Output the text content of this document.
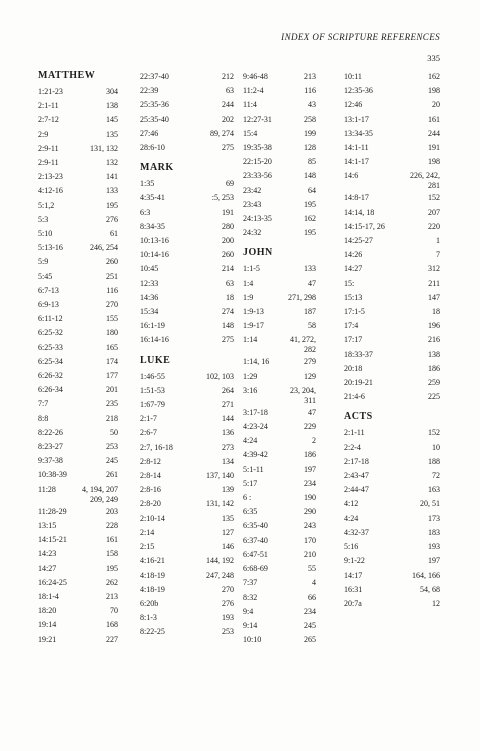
INDEX OF SCRIPTURE REFERENCES
335
MATTHEW
1:21-23	304
2:1-11	138
2:7-12	145
2:9	135
2:9-11	131, 132
2:9-11	132
2:13-23	141
4:12-16	133
5:1,2	195
5:3	276
5:10	61
5:13-16	246, 254
5:9	260
5:45	251
6:7-13	116
6:9-13	270
6:11-12	155
6:25-32	180
6:25-33	165
6:25-34	174
6:26-32	177
6:26-34	201
7:7	235
8:8	218
8:22-26	50
8:23-27	253
9:37-38	245
10:38-39	261
11:28	4, 194, 207
209, 249
11:28-29	203
13:15	228
14:15-21	161
14:23	158
14:27	195
16:24-25	262
18:1-4	213
18:20	70
19:14	168
19:21	227
22:37-40	212
22:39	63
25:35-36	244
25:35-40	202
27:46	89, 274
28:6-10	275
MARK
1:35	69
4:35-41	:5, 253
6:3	191
8:34-35	280
10:13-16	200
10:14-16	260
10:45	214
12:33	63
14:36	18
15:34	274
16:1-19	148
16:14-16	275
LUKE
1:46-55	102, 103
1:51-53	264
1:67-79	271
2:1-7	144
2:6-7	136
2:7, 16-18	273
2:8-12	134
2:8-14	137, 140
2:8-16	139
2:8-20	131, 142
2:10-14	135
2:14	127
2:15	146
4:16-21	144, 192
4:18-19	247, 248
4:18-19	270
6:20b	276
8:1-3	193
8:22-25	253
9:46-48	213
11:2-4	116
11:4	43
12:27-31	258
15:4	199
19:35-38	128
22:15-20	85
23:33-56	148
23:42	64
23:43	195
24:13-35	162
24:32	195
JOHN
1:1-5	133
1:4	47
1:9	271, 298
1:9-13	187
1:9-17	58
1:14	41, 272,
282
1:14, 16	279
1:29	129
3:16	23, 204,
311
3:17-18	47
4:23-24	229
4:24	2
4:39-42	186
5:1-11	197
5:17	234
6 :	190
6:35	290
6:35-40	243
6:37-40	170
6:47-51	210
6:68-69	55
7:37	4
8:32	66
9:4	234
9:14	245
10:10	265
10:11	162
12:35-36	198
12:46	20
13:1-17	161
13:34-35	244
14:1-11	191
14:1-17	198
14:6	226, 242,
281
14:8-17	152
14:14, 18	207
14:15-17, 26	220
14:25-27	1
14:26	7
14:27	312
15:	211
15:13	147
17:1-5	18
17:4	196
17:17	216
18:33-37	138
20:18	186
20:19-21	259
21:4-6	225
ACTS
2:1-11	152
2:2-4	10
2:17-18	188
2:43-47	72
2:44-47	163
4:12	20, 51
4:24	173
4:32-37	183
5:16	193
9:1-22	197
14:17	164, 166
16:31	54, 68
20:7a	12
